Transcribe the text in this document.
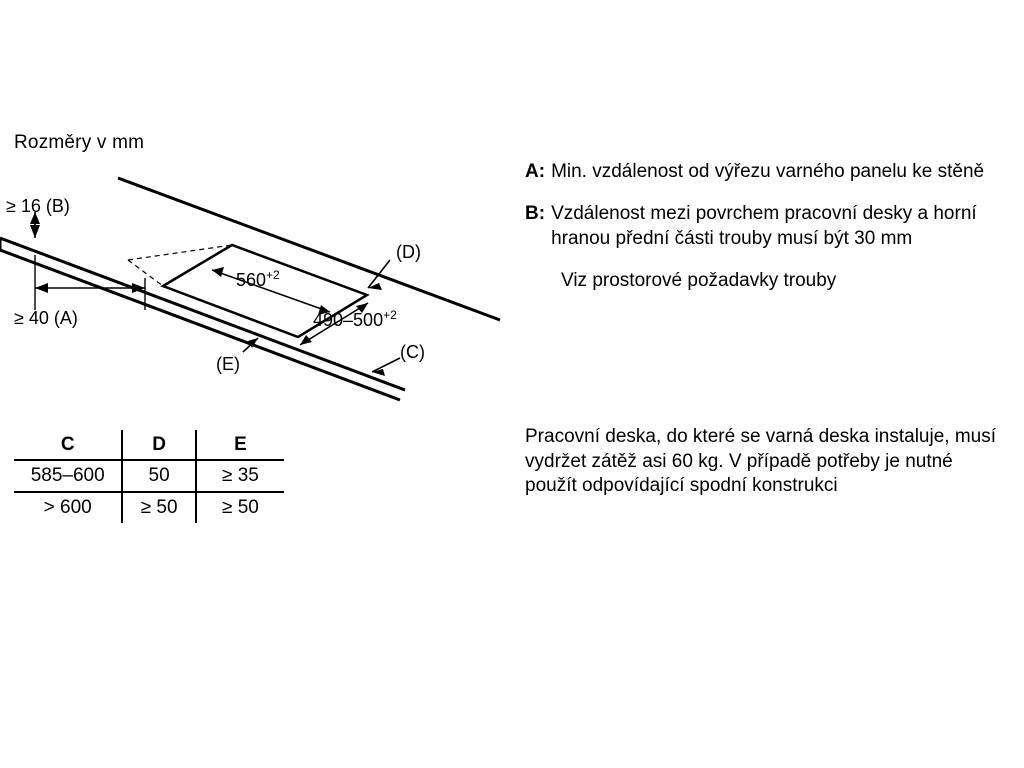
Rozměry v mm
≥ 16 (B)
≥ 40 (A)
$560^{+2}$
$490-500^{+2}$
(D)
(C)
(E)
C	D	E
585–600	50	≥ 35
> 600	≥ 50	≥ 50
A: Min. vzdálenost od výřezu varného panelu ke stěně
B: Vzdálenost mezi povrchem pracovní desky a horní hranou přední části trouby musí být 30 mm
Viz prostorové požadavky trouby
Pracovní deska, do které se varná deska instaluje, musí vydržet zátěž asi 60 kg. V případě potřeby je nutné použít odpovídající spodní konstrukci
